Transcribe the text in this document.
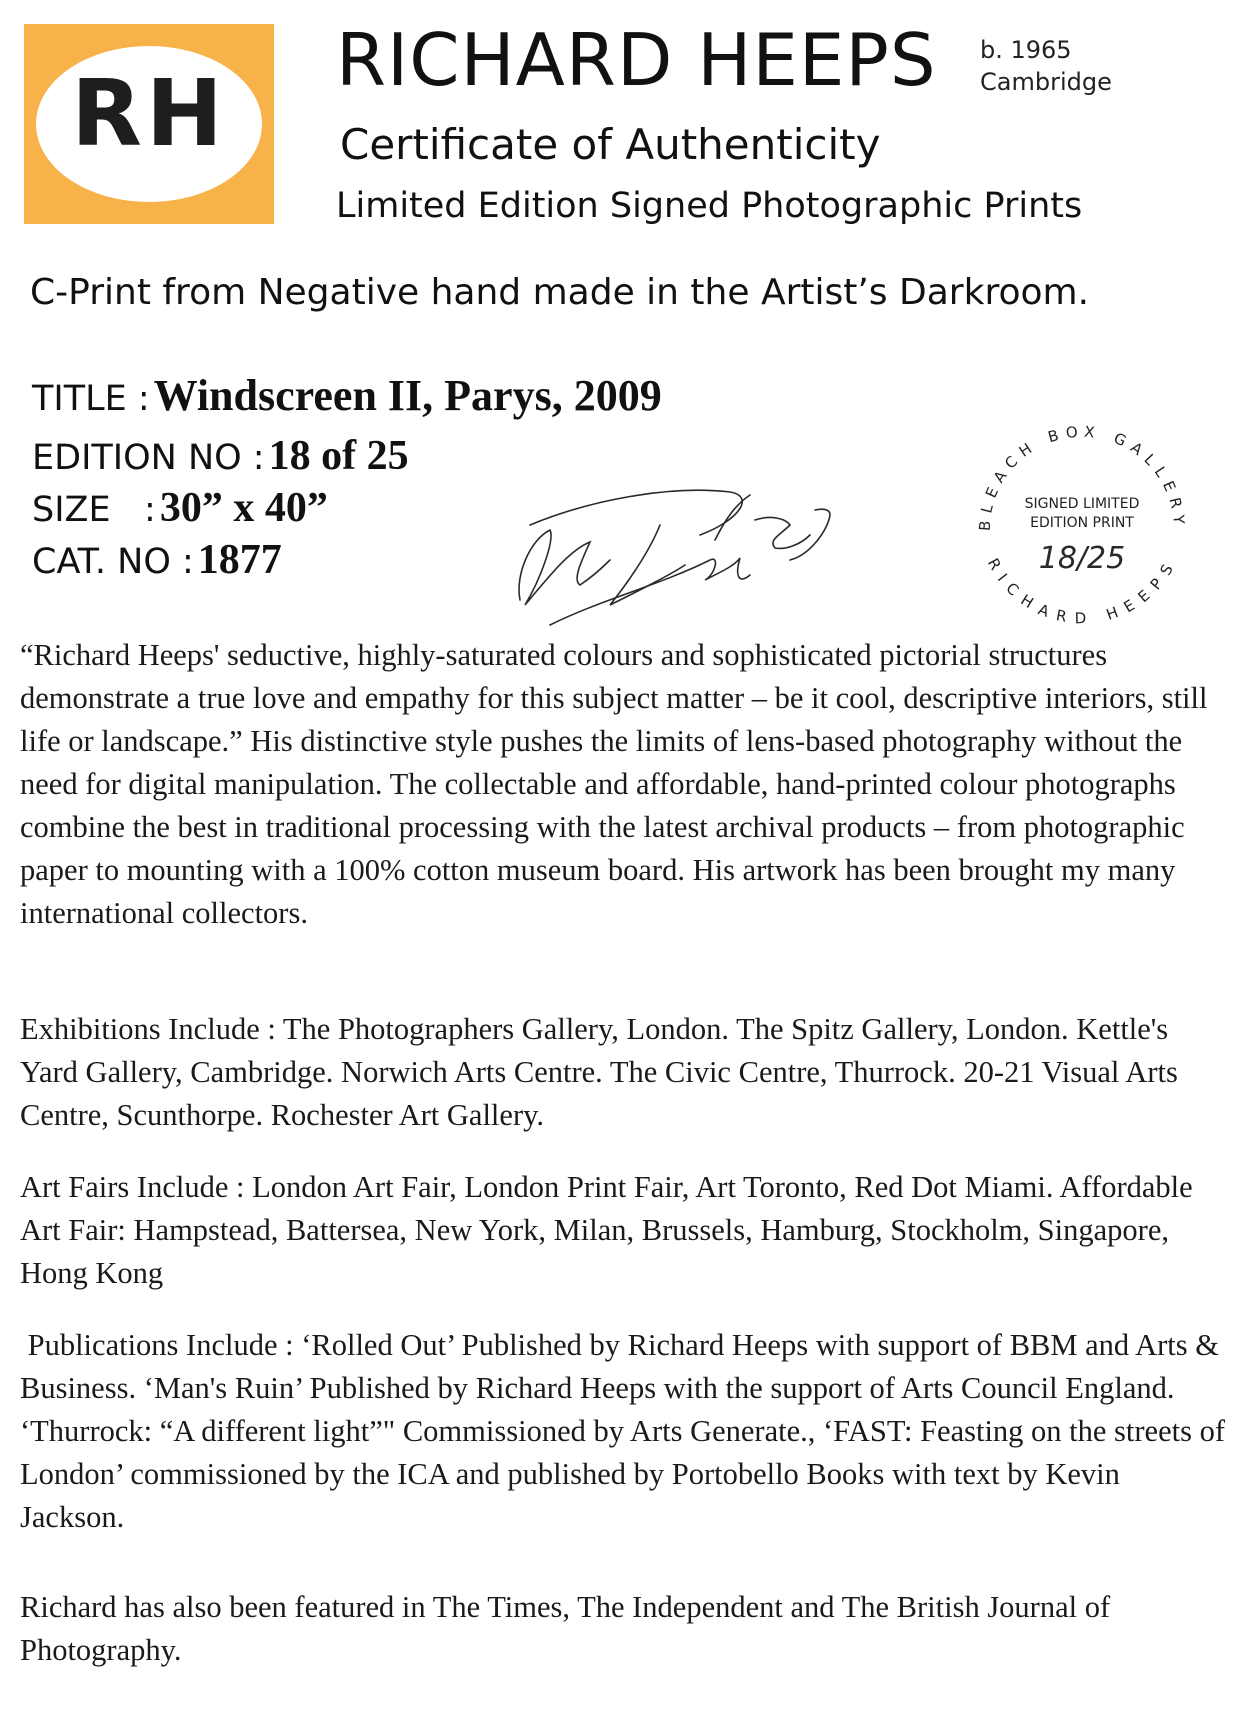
RH	RICHARD HEEPS b. 1965
Cambridge
Certificate of Authenticity
Limited Edition Signed Photographic Prints
C-Print from Negative hand made in the Artist’s Darkroom.
TITLE : Windscreen II, Parys, 2009
EDITION NO : 18 of 25
SIZE   : 30” x 40”
CAT. NO : 1877
BLEACH BOX GALLERY
RICHARD HEEPS
SIGNED LIMITED
EDITION PRINT
18/25

“Richard Heeps' seductive, highly-saturated colours and sophisticated pictorial structures demonstrate a true love and empathy for this subject matter – be it cool, descriptive interiors, still life or landscape.” His distinctive style pushes the limits of lens-based photography without the need for digital manipulation. The collectable and affordable, hand-printed colour photographs combine the best in traditional processing with the latest archival products – from photographic paper to mounting with a 100% cotton museum board. His artwork has been brought my many international collectors.

Exhibitions Include : The Photographers Gallery, London. The Spitz Gallery, London. Kettle's Yard Gallery, Cambridge. Norwich Arts Centre. The Civic Centre, Thurrock. 20-21 Visual Arts Centre, Scunthorpe. Rochester Art Gallery.

Art Fairs Include : London Art Fair, London Print Fair, Art Toronto, Red Dot Miami. Affordable Art Fair: Hampstead, Battersea, New York, Milan, Brussels, Hamburg, Stockholm, Singapore, Hong Kong

Publications Include : ‘Rolled Out’ Published by Richard Heeps with support of BBM and Arts & Business. ‘Man's Ruin’ Published by Richard Heeps with the support of Arts Council England. ‘Thurrock: “A different light”" Commissioned by Arts Generate., ‘FAST: Feasting on the streets of London’ commissioned by the ICA and published by Portobello Books with text by Kevin Jackson.

Richard has also been featured in The Times, The Independent and The British Journal of Photography.
